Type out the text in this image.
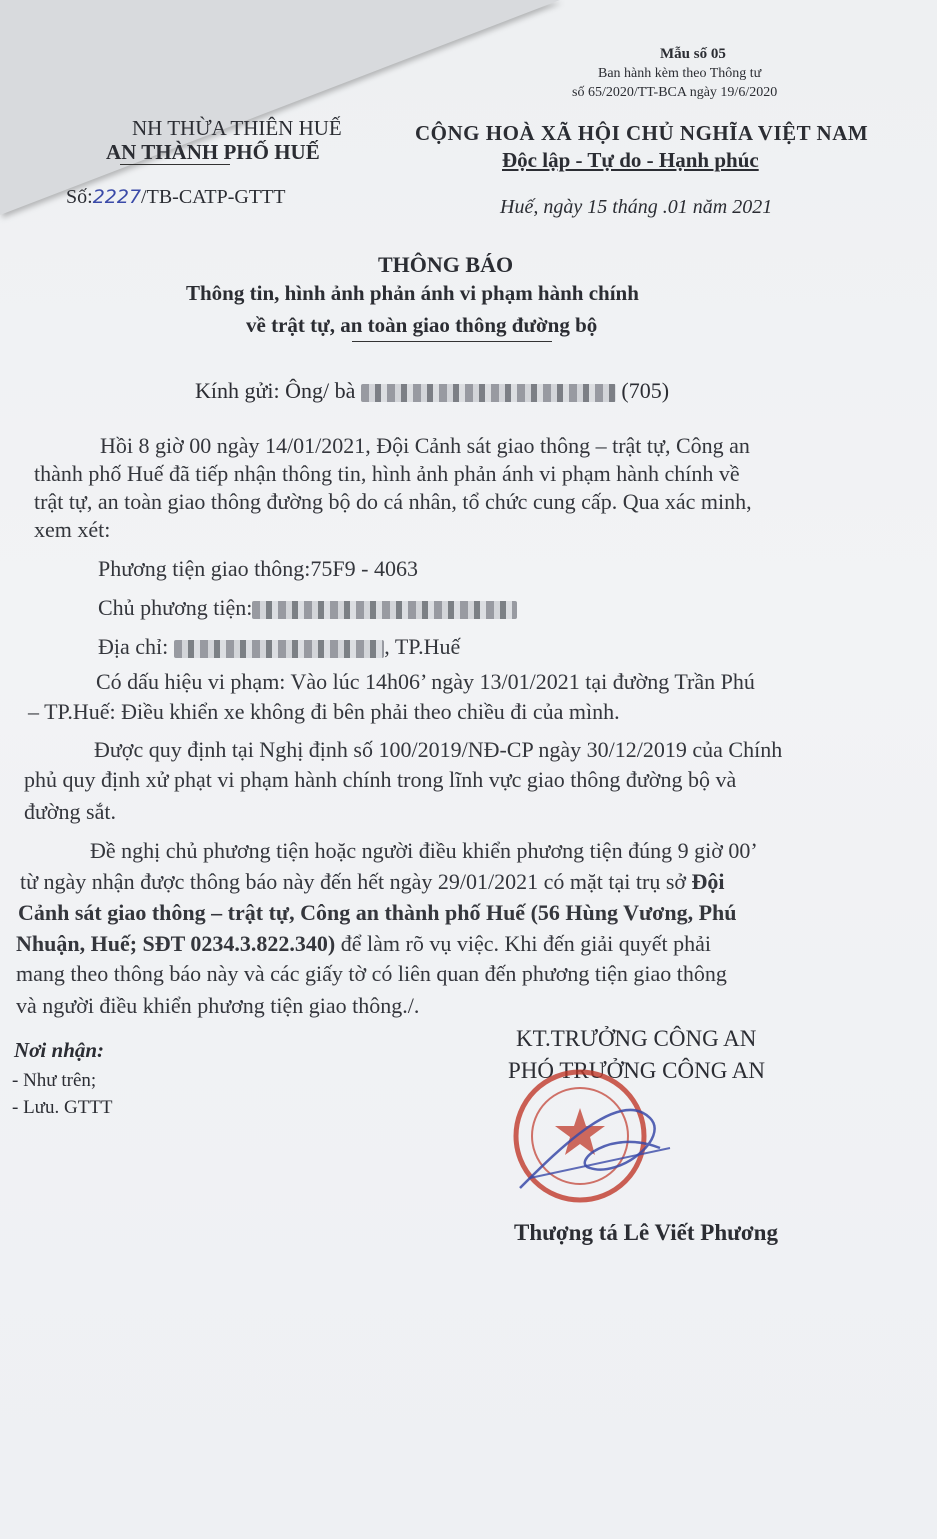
Mẫu số 05
Ban hành kèm theo Thông tư
số 65/2020/TT-BCA ngày 19/6/2020
NH THỪA THIÊN HUẾ
AN THÀNH PHỐ HUẾ
Số:2227/TB-CATP-GTTT
CỘNG HOÀ XÃ HỘI CHỦ NGHĨA VIỆT NAM
Độc lập - Tự do - Hạnh phúc
Huế, ngày 15 tháng .01 năm 2021
THÔNG BÁO
Thông tin, hình ảnh phản ánh vi phạm hành chính
về trật tự, an toàn giao thông đường bộ
Kính gửi: Ông/ bà	(705)
Hồi 8 giờ 00 ngày 14/01/2021, Đội Cảnh sát giao thông – trật tự, Công an
thành phố Huế đã tiếp nhận thông tin, hình ảnh phản ánh vi phạm hành chính về
trật tự, an toàn giao thông đường bộ do cá nhân, tổ chức cung cấp. Qua xác minh,
xem xét:
Phương tiện giao thông:75F9 - 4063
Chủ phương tiện:
Địa chỉ:	, TP.Huế
Có dấu hiệu vi phạm: Vào lúc 14h06’ ngày 13/01/2021 tại đường Trần Phú
– TP.Huế: Điều khiển xe không đi bên phải theo chiều đi của mình.
Được quy định tại Nghị định số 100/2019/NĐ-CP ngày 30/12/2019 của Chính
phủ quy định xử phạt vi phạm hành chính trong lĩnh vực giao thông đường bộ và
đường sắt.
Đề nghị chủ phương tiện hoặc người điều khiển phương tiện đúng 9 giờ 00’
từ ngày nhận được thông báo này đến hết ngày 29/01/2021 có mặt tại trụ sở Đội
Cảnh sát giao thông – trật tự, Công an thành phố Huế (56 Hùng Vương, Phú
Nhuận, Huế; SĐT 0234.3.822.340) để làm rõ vụ việc. Khi đến giải quyết phải
mang theo thông báo này và các giấy tờ có liên quan đến phương tiện giao thông
và người điều khiển phương tiện giao thông./.
Nơi nhận:
- Như trên;
- Lưu. GTTT
KT.TRƯỞNG CÔNG AN
PHÓ TRƯỞNG CÔNG AN
Thượng tá Lê Viết Phương
